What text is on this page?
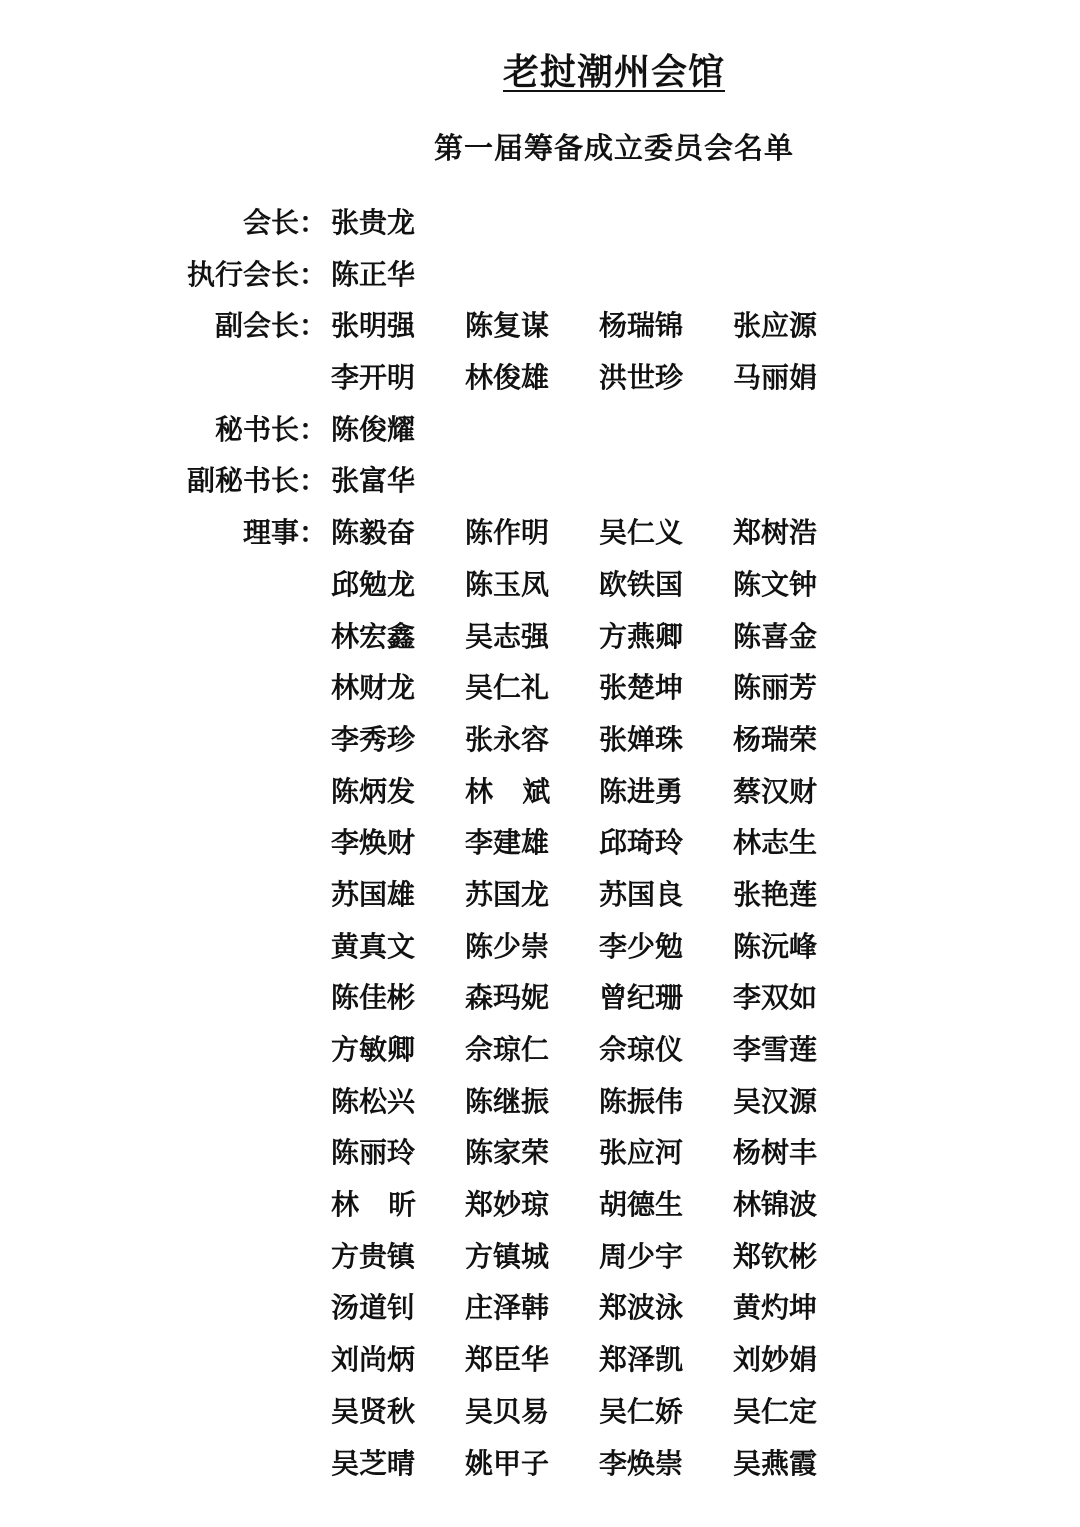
老挝潮州会馆
第一届筹备成立委员会名单
会长： 张贵龙
执行会长： 陈正华
副会长： 张明强	陈复谋	杨瑞锦	张应源
李开明	林俊雄	洪世珍	马丽娟
秘书长： 陈俊耀
副秘书长： 张富华
理事： 陈毅奋	陈作明	吴仁义	郑树浩
邱勉龙	陈玉凤	欧铁国	陈文钟
林宏鑫	吴志强	方燕卿	陈喜金
林财龙	吴仁礼	张楚坤	陈丽芳
李秀珍	张永容	张婵珠	杨瑞荣
陈炳发	林   斌	陈进勇	蔡汉财
李焕财	李建雄	邱琦玲	林志生
苏国雄	苏国龙	苏国良	张艳莲
黄真文	陈少崇	李少勉	陈沅峰
陈佳彬	森玛妮	曾纪珊	李双如
方敏卿	佘琼仁	佘琼仪	李雪莲
陈松兴	陈继振	陈振伟	吴汉源
陈丽玲	陈家荣	张应河	杨树丰
林   昕	郑妙琼	胡德生	林锦波
方贵镇	方镇城	周少宇	郑钦彬
汤道钊	庄泽韩	郑波泳	黄灼坤
刘尚炳	郑臣华	郑泽凯	刘妙娟
吴贤秋	吴贝易	吴仁娇	吴仁定
吴芝晴	姚甲子	李焕崇	吴燕霞
